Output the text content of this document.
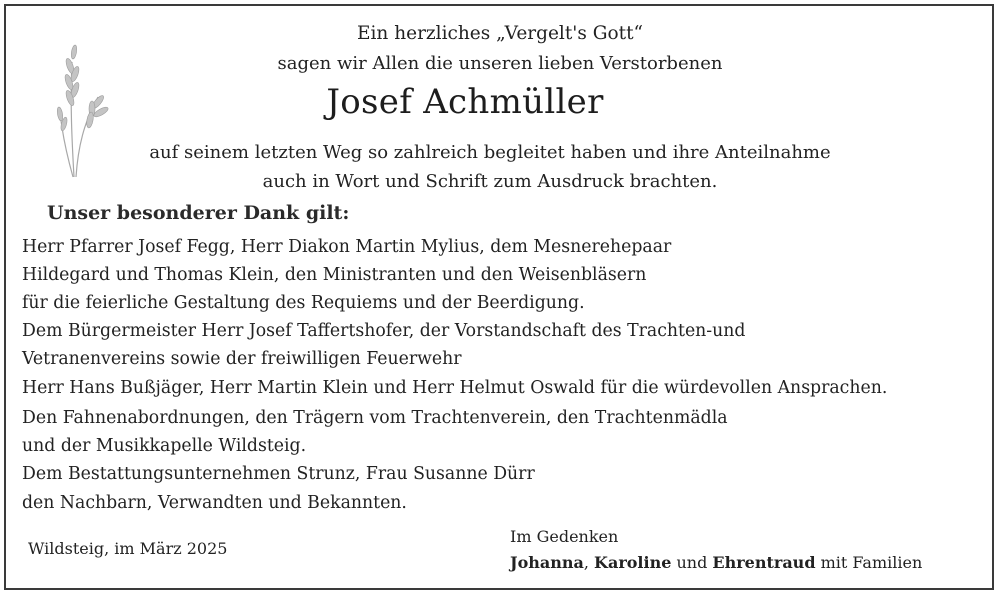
Ein herzliches „Vergelt's Gott“
sagen wir Allen die unseren lieben Verstorbenen
Josef Achmüller
auf seinem letzten Weg so zahlreich begleitet haben und ihre Anteilnahme
auch in Wort und Schrift zum Ausdruck brachten.
Unser besonderer Dank gilt:
Herr Pfarrer Josef Fegg, Herr Diakon Martin Mylius, dem Mesnerehepaar
Hildegard und Thomas Klein, den Ministranten und den Weisenbläsern
für die feierliche Gestaltung des Requiems und der Beerdigung.
Dem Bürgermeister Herr Josef Taffertshofer, der Vorstandschaft des Trachten-und
Vetranenvereins sowie der freiwilligen Feuerwehr
Herr Hans Bußjäger, Herr Martin Klein und Herr Helmut Oswald für die würdevollen Ansprachen.
Den Fahnenabordnungen, den Trägern vom Trachtenverein, den Trachtenmädla
und der Musikkapelle Wildsteig.
Dem Bestattungsunternehmen Strunz, Frau Susanne Dürr
den Nachbarn, Verwandten und Bekannten.
Wildsteig, im März 2025
Im Gedenken
Johanna, Karoline und Ehrentraud mit Familien
